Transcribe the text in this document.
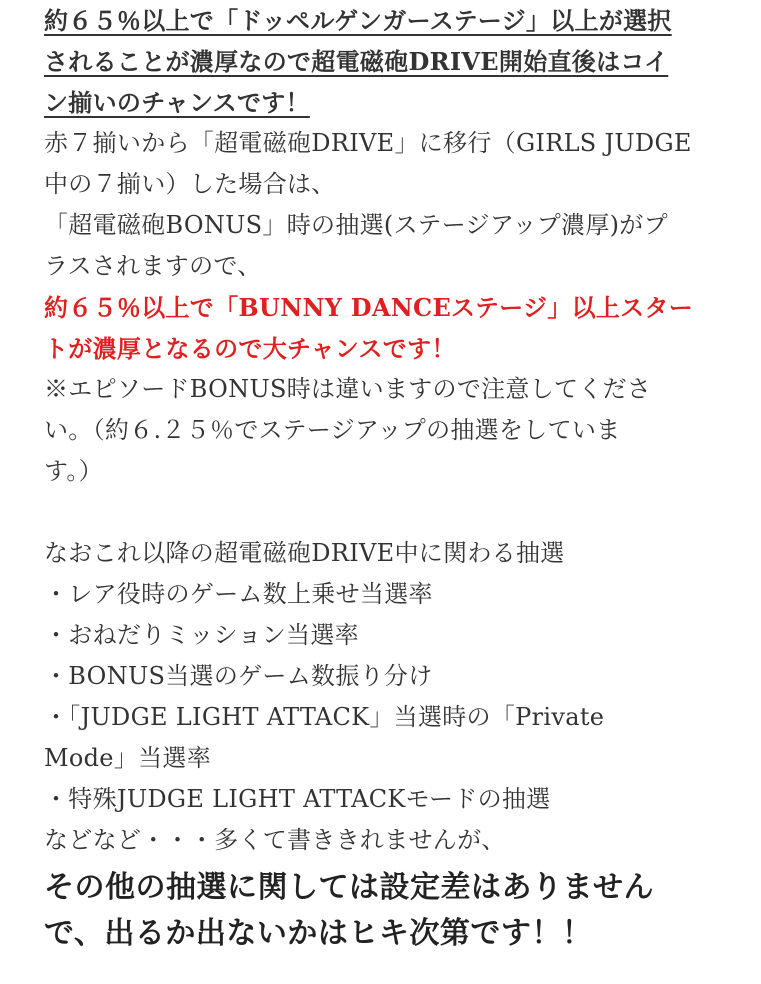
約６５％以上で「ドッペルゲンガーステージ」以上が選択
されることが濃厚なので超電磁砲DRIVE開始直後はコイ
ン揃いのチャンスです！

赤７揃いから「超電磁砲DRIVE」に移行（GIRLS JUDGE
中の７揃い）した場合は、
「超電磁砲BONUS」時の抽選(ステージアップ濃厚)がプ
ラスされますので、

約６５％以上で「BUNNY DANCEステージ」以上スター
トが濃厚となるので大チャンスです！

※エピソードBONUS時は違いますので注意してくださ
い。（約６.２５％でステージアップの抽選をしていま
す。）

なおこれ以降の超電磁砲DRIVE中に関わる抽選
・レア役時のゲーム数上乗せ当選率
・おねだりミッション当選率
・BONUS当選のゲーム数振り分け
・「JUDGE LIGHT ATTACK」当選時の「Private
Mode」当選率
・特殊JUDGE LIGHT ATTACKモードの抽選
などなど・・・多くて書ききれませんが、

その他の抽選に関しては設定差はありません
で、出るか出ないかはヒキ次第です！！
